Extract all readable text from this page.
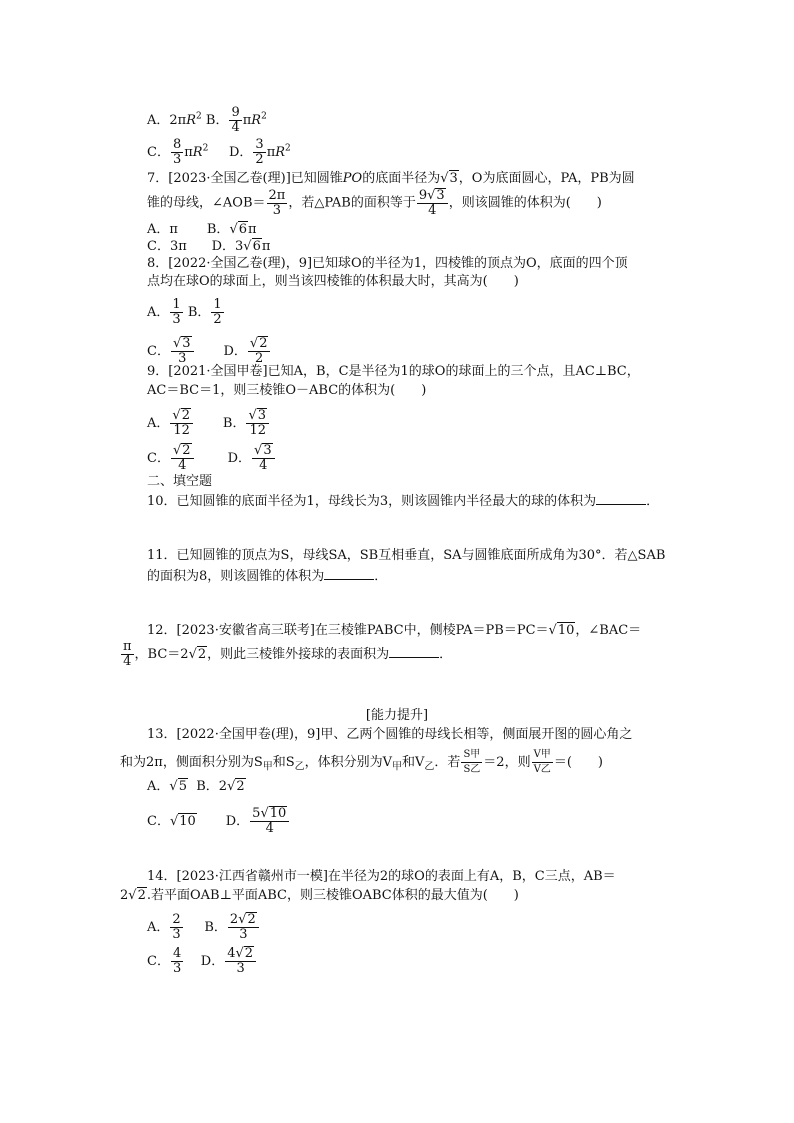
A．$2\pi R^2$ B． $\frac{9}{4} \pi R^2$
C． $\frac{8}{3} \pi R^2$ D． $\frac{3}{2} \pi R^2$
7．[2023·全国乙卷(理)]已知圆锥PO的底面半径为√3，O为底面圆心，PA，PB为圆
锥的母线，∠AOB＝ $\frac{2\pi}{3}$ ，若△PAB的面积等于 $\frac{9√3}{4}$ ，则该圆锥的体积为(　　)
A．π B．√6π
C．3π D．3√6π
8．[2022·全国乙卷(理)，9]已知球O的半径为1，四棱锥的顶点为O，底面的四个顶
点均在球O的球面上，则当该四棱锥的体积最大时，其高为(　　)
A． $\frac{1}{3}$ B． $\frac{1}{2}$
C． $\frac{√3}{3}$ D． $\frac{√2}{2}$
9．[2021·全国甲卷]已知A，B，C是半径为1的球O的球面上的三个点，且AC⊥BC，
AC＝BC＝1，则三棱锥O－ABC的体积为(　　)
A． $\frac{√2}{12}$ B． $\frac{√3}{12}$
C． $\frac{√2}{4}$	D． $\frac{√3}{4}$
二、填空题
10．已知圆锥的底面半径为1，母线长为3，则该圆锥内半径最大的球的体积为	．
11．已知圆锥的顶点为S，母线SA，SB互相垂直，SA与圆锥底面所成角为30°．若△SAB
的面积为8，则该圆锥的体积为	．
12．[2023·安徽省高三联考]在三棱锥PABC中，侧棱PA＝PB＝PC＝√10，∠BAC＝
$\frac{\pi}{4}$ ，BC＝2√2，则此三棱锥外接球的表面积为	．
[能力提升]
13．[2022·全国甲卷(理)，9]甲、乙两个圆锥的母线长相等，侧面展开图的圆心角之
和为2π，侧面积分别为$S_甲$和$S_乙$，体积分别为$V_甲$和$V_乙$．若 $\frac{\text{S甲}}{\text{S乙}} =2$，则 $\frac{\text{V甲}}{\text{V乙}}$ ＝(　　)
A．√5 B．2√2
C．√10 D． $\frac{5√10}{4}$
14．[2023·江西省赣州市一模]在半径为2的球O的表面上有A，B，C三点，AB＝
2√2.若平面OAB⊥平面ABC，则三棱锥OABC体积的最大值为(　　)
A． $\frac{2}{3}$ B． $\frac{2√2}{3}$
C． $\frac{4}{3}$ D． $\frac{4√2}{3}$
